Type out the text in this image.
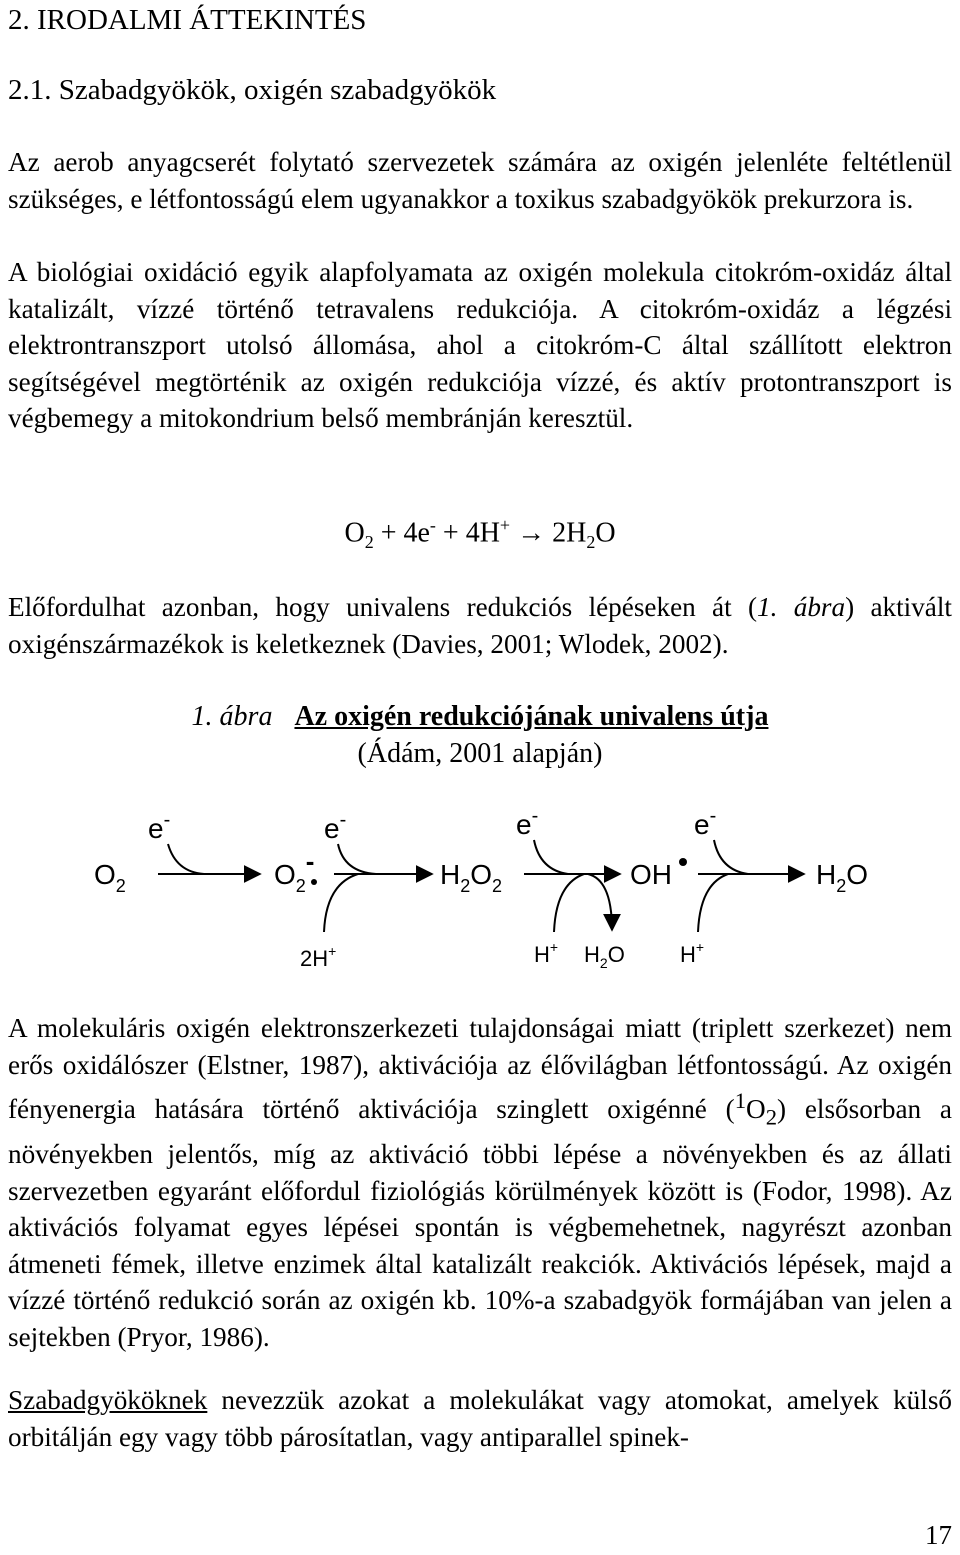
2. IRODALMI ÁTTEKINTÉS
2.1. Szabadgyökök, oxigén szabadgyökök

Az aerob anyagcserét folytató szervezetek számára az oxigén jelenléte feltétlenül szükséges, e létfontosságú elem ugyanakkor a toxikus szabadgyökök prekurzora is.

A biológiai oxidáció egyik alapfolyamata az oxigén molekula citokróm-oxidáz által katalizált, vízzé történő tetravalens redukciója. A citokróm-oxidáz a légzési elektrontranszport utolsó állomása, ahol a citokróm-C által szállított elektron segítségével megtörténik az oxigén redukciója vízzé, és aktív protontranszport is végbemegy a mitokondrium belső membránján keresztül.

$O_2 + 4e^- + 4H^+ \to 2H_2O$

Előfordulhat azonban, hogy univalens redukciós lépéseken át (1. ábra) aktivált oxigénszármazékok is keletkeznek (Davies, 2001; Wlodek, 2002).

1. ábra Az oxigén redukciójának univalens útja
(Ádám, 2001 alapján)
$O_2$	$O_2-$	$H_2O_2$	OH	$H_2O$
e-	e-	e-	e-
2H+	H+ $H_2O$	H+

A molekuláris oxigén elektronszerkezeti tulajdonságai miatt (triplett szerkezet) nem erős oxidálószer (Elstner, 1987), aktivációja az élővilágban létfontosságú. Az oxigén fényenergia hatására történő aktivációja szinglett oxigénné $(^1O_2)$ elsősorban a növényekben jelentős, míg az aktiváció többi lépése a növényekben és az állati szervezetben egyaránt előfordul fiziológiás körülmények között is (Fodor, 1998). Az aktivációs folyamat egyes lépései spontán is végbemehetnek, nagyrészt azonban átmeneti fémek, illetve enzimek által katalizált reakciók. Aktivációs lépések, majd a vízzé történő redukció során az oxigén kb. 10%-a szabadgyök formájában van jelen a sejtekben (Pryor, 1986).

Szabadgyököknek nevezzük azokat a molekulákat vagy atomokat, amelyek külső orbitálján egy vagy több párosítatlan, vagy antiparallel spinek-

17
